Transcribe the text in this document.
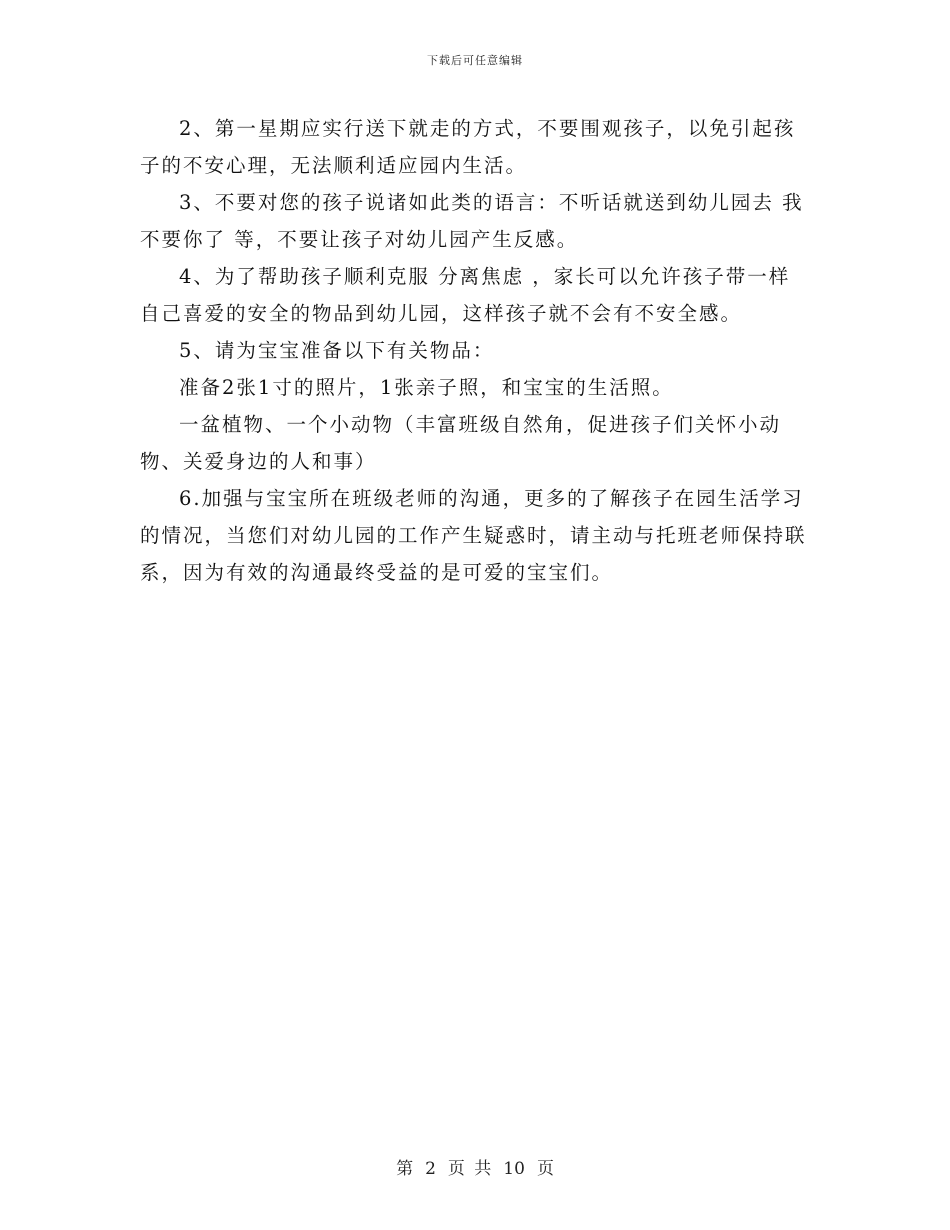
下载后可任意编辑

2、第一星期应实行送下就走的方式，不要围观孩子，以免引起孩子的不安心理，无法顺利适应园内生活。

3、不要对您的孩子说诸如此类的语言：不听话就送到幼儿园去 我不要你了 等，不要让孩子对幼儿园产生反感。

4、为了帮助孩子顺利克服 分离焦虑 ，家长可以允许孩子带一样自己喜爱的安全的物品到幼儿园，这样孩子就不会有不安全感。

5、请为宝宝准备以下有关物品：

准备2张1寸的照片，1张亲子照，和宝宝的生活照。

一盆植物、一个小动物（丰富班级自然角，促进孩子们关怀小动物、关爱身边的人和事）

6.加强与宝宝所在班级老师的沟通，更多的了解孩子在园生活学习的情况，当您们对幼儿园的工作产生疑惑时，请主动与托班老师保持联系，因为有效的沟通最终受益的是可爱的宝宝们。

第 2 页 共 10 页
